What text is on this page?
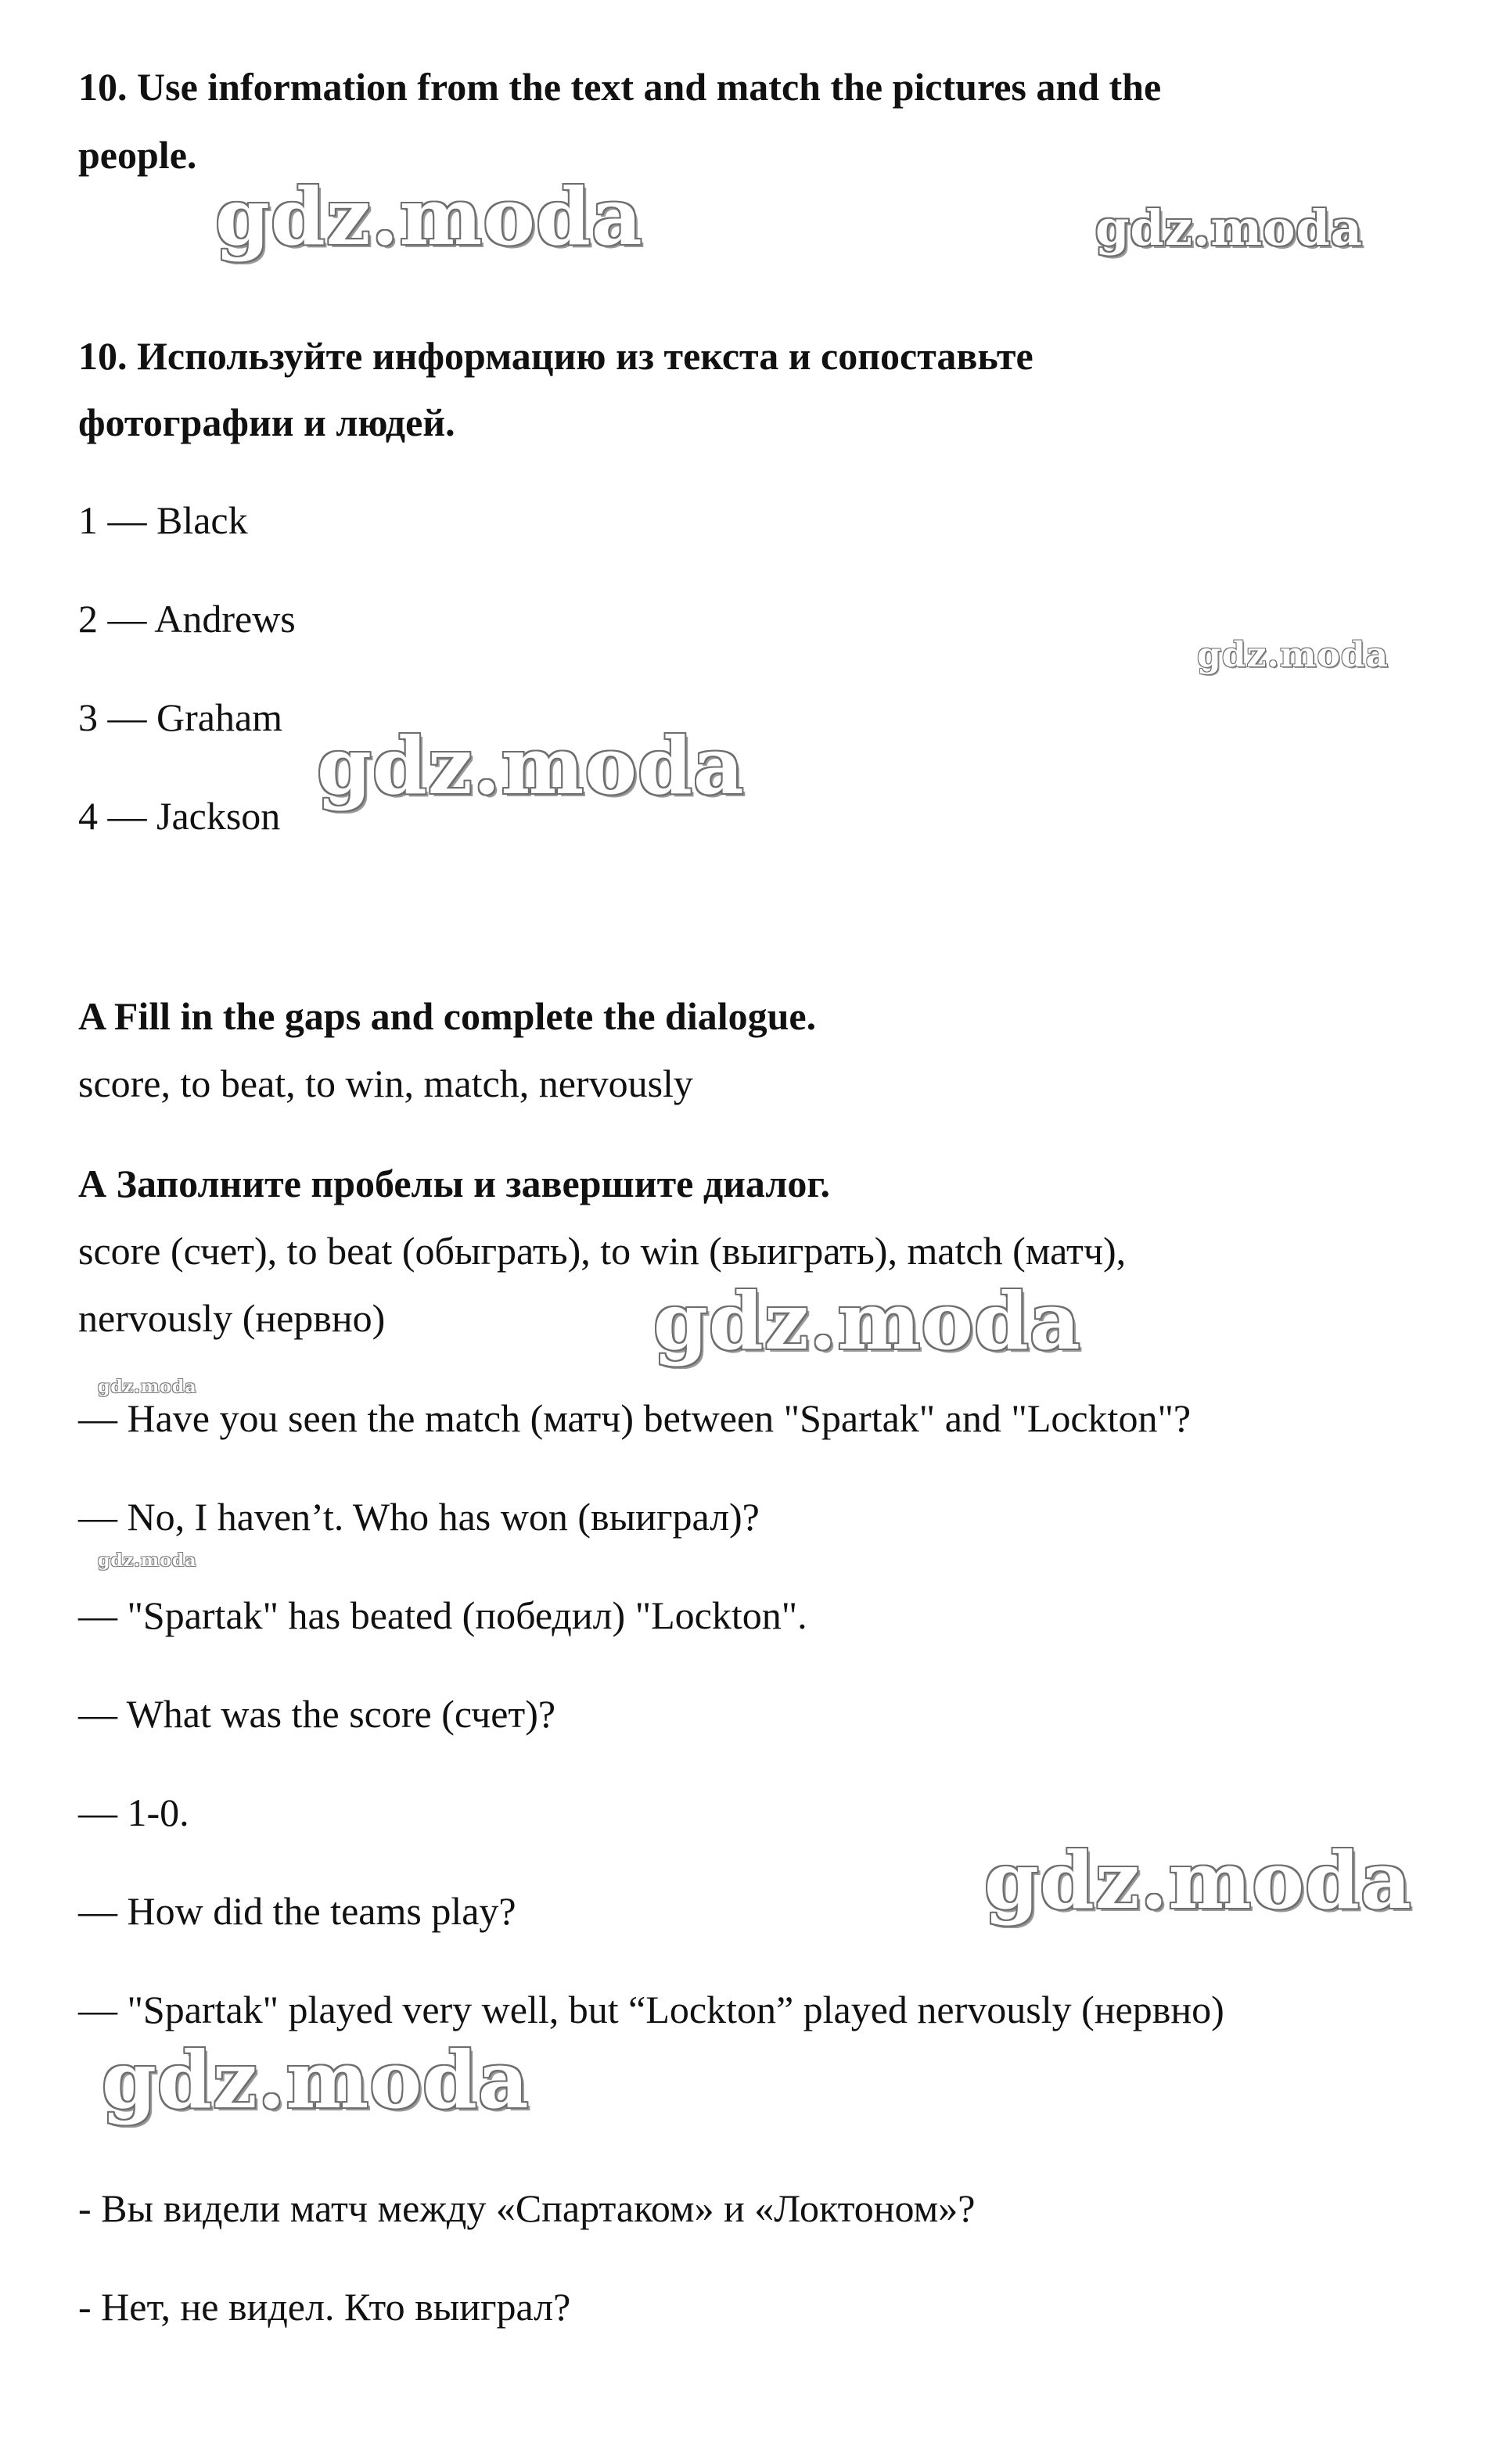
10. Use information from the text and match the pictures and the

people.

10. Используйте информацию из текста и сопоставьте

фотографии и людей.

1 — Black

2 — Andrews

3 — Graham

4 — Jackson

A Fill in the gaps and complete the dialogue.

score, to beat, to win, match, nervously

А Заполните пробелы и завершите диалог.

score (счет), to beat (обыграть), to win (выиграть), match (матч),

nervously (нервно)

— Have you seen the match (матч) between "Spartak" and "Lockton"?

— No, I haven’t. Who has won (выиграл)?

— "Spartak" has beated (победил) "Lockton".

— What was the score (счет)?

— 1-0.

— How did the teams play?

— "Spartak" played very well, but “Lockton” played nervously (нервно)

- Вы видели матч между «Спартаком» и «Локтоном»?

- Нет, не видел. Кто выиграл?

gdz.moda	gdz.moda
gdz.moda
gdz.moda
gdz.moda
gdz.moda
gdz.moda
gdz.moda
gdz.moda
